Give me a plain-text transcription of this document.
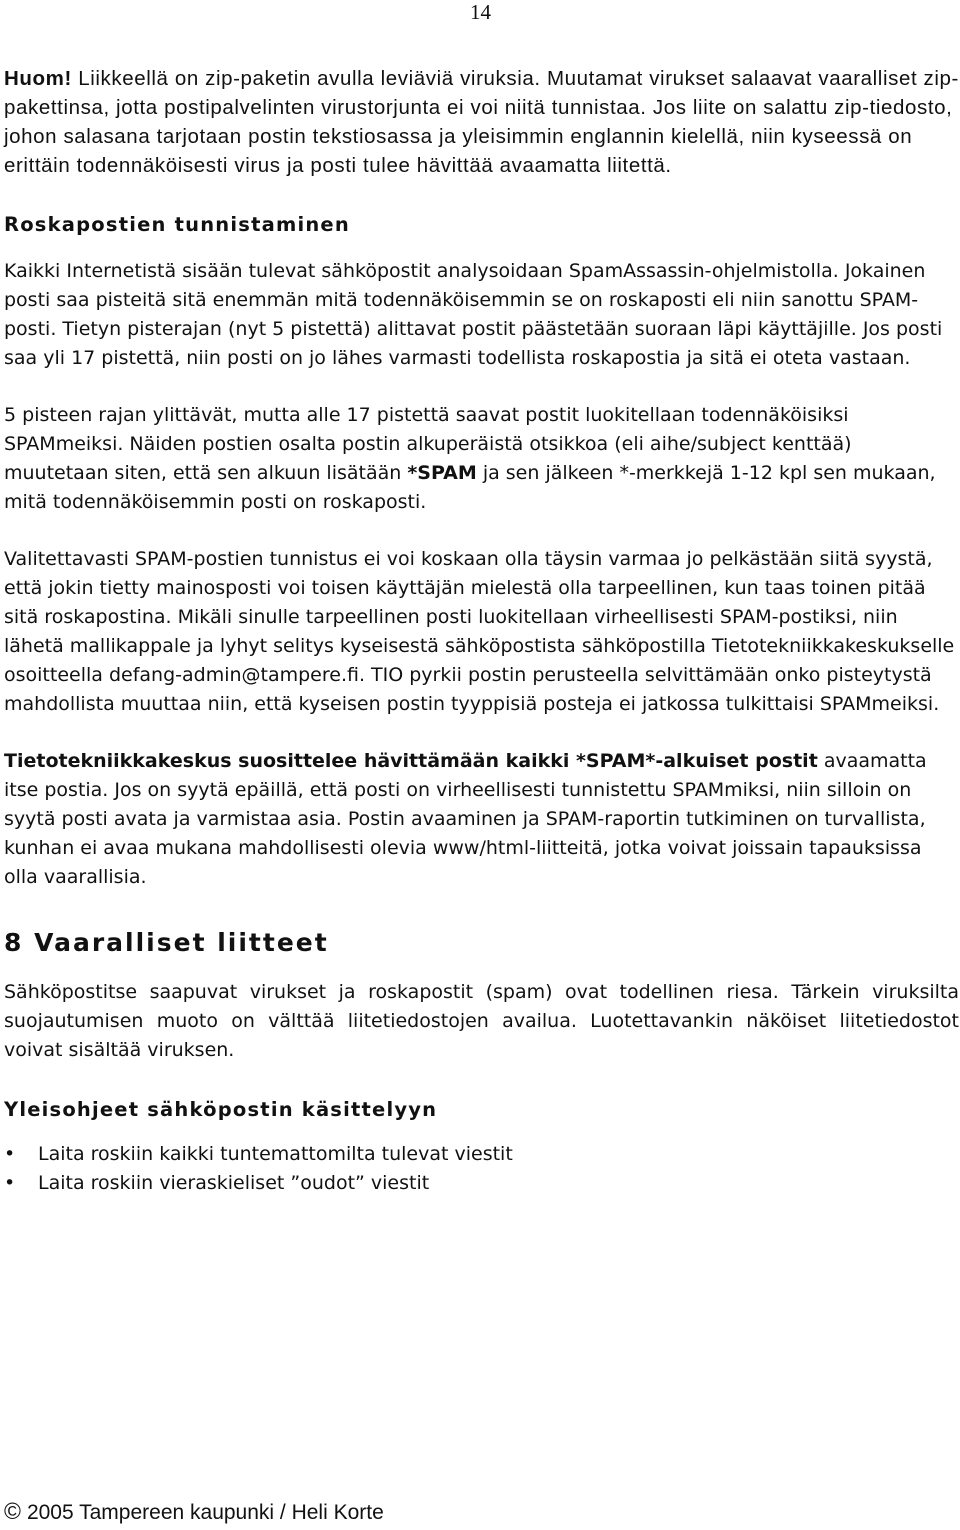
14

Huom! Liikkeellä on zip-paketin avulla leviäviä viruksia. Muutamat virukset salaavat vaaralliset zip-pakettinsa, jotta postipalvelinten virustorjunta ei voi niitä tunnistaa. Jos liite on salattu zip-tiedosto, johon salasana tarjotaan postin tekstiosassa ja yleisimmin englannin kielellä, niin kyseessä on erittäin todennäköisesti virus ja posti tulee hävittää avaamatta liitettä.

Roskapostien tunnistaminen

Kaikki Internetistä sisään tulevat sähköpostit analysoidaan SpamAssassin-ohjelmistolla. Jokainen posti saa pisteitä sitä enemmän mitä todennäköisemmin se on roskaposti eli niin sanottu SPAM-posti. Tietyn pisterajan (nyt 5 pistettä) alittavat postit päästetään suoraan läpi käyttäjille. Jos posti saa yli 17 pistettä, niin posti on jo lähes varmasti todellista roskapostia ja sitä ei oteta vastaan.

5 pisteen rajan ylittävät, mutta alle 17 pistettä saavat postit luokitellaan todennäköisiksi SPAMmeiksi. Näiden postien osalta postin alkuperäistä otsikkoa (eli aihe/subject kenttää) muutetaan siten, että sen alkuun lisätään *SPAM ja sen jälkeen *-merkkejä 1-12 kpl sen mukaan, mitä todennäköisemmin posti on roskaposti.

Valitettavasti SPAM-postien tunnistus ei voi koskaan olla täysin varmaa jo pelkästään siitä syystä, että jokin tietty mainosposti voi toisen käyttäjän mielestä olla tarpeellinen, kun taas toinen pitää sitä roskapostina. Mikäli sinulle tarpeellinen posti luokitellaan virheellisesti SPAM-postiksi, niin lähetä mallikappale ja lyhyt selitys kyseisestä sähköpostista sähköpostilla Tietotekniikkakeskukselle osoitteella defang-admin@tampere.fi. TIO pyrkii postin perusteella selvittämään onko pisteytystä mahdollista muuttaa niin, että kyseisen postin tyyppisiä posteja ei jatkossa tulkittaisi SPAMmeiksi.

Tietotekniikkakeskus suosittelee hävittämään kaikki *SPAM*-alkuiset postit avaamatta itse postia. Jos on syytä epäillä, että posti on virheellisesti tunnistettu SPAMmiksi, niin silloin on syytä posti avata ja varmistaa asia. Postin avaaminen ja SPAM-raportin tutkiminen on turvallista, kunhan ei avaa mukana mahdollisesti olevia www/html-liitteitä, jotka voivat joissain tapauksissa olla vaarallisia.

8 Vaaralliset liitteet

Sähköpostitse saapuvat virukset ja roskapostit (spam) ovat todellinen riesa. Tärkein viruksilta suojautumisen muoto on välttää liitetiedostojen availua. Luotettavankin näköiset liitetiedostot voivat sisältää viruksen.

Yleisohjeet sähköpostin käsittelyyn

• Laita roskiin kaikki tuntemattomilta tulevat viestit
• Laita roskiin vieraskieliset ”oudot” viestit
© 2005 Tampereen kaupunki / Heli Korte
